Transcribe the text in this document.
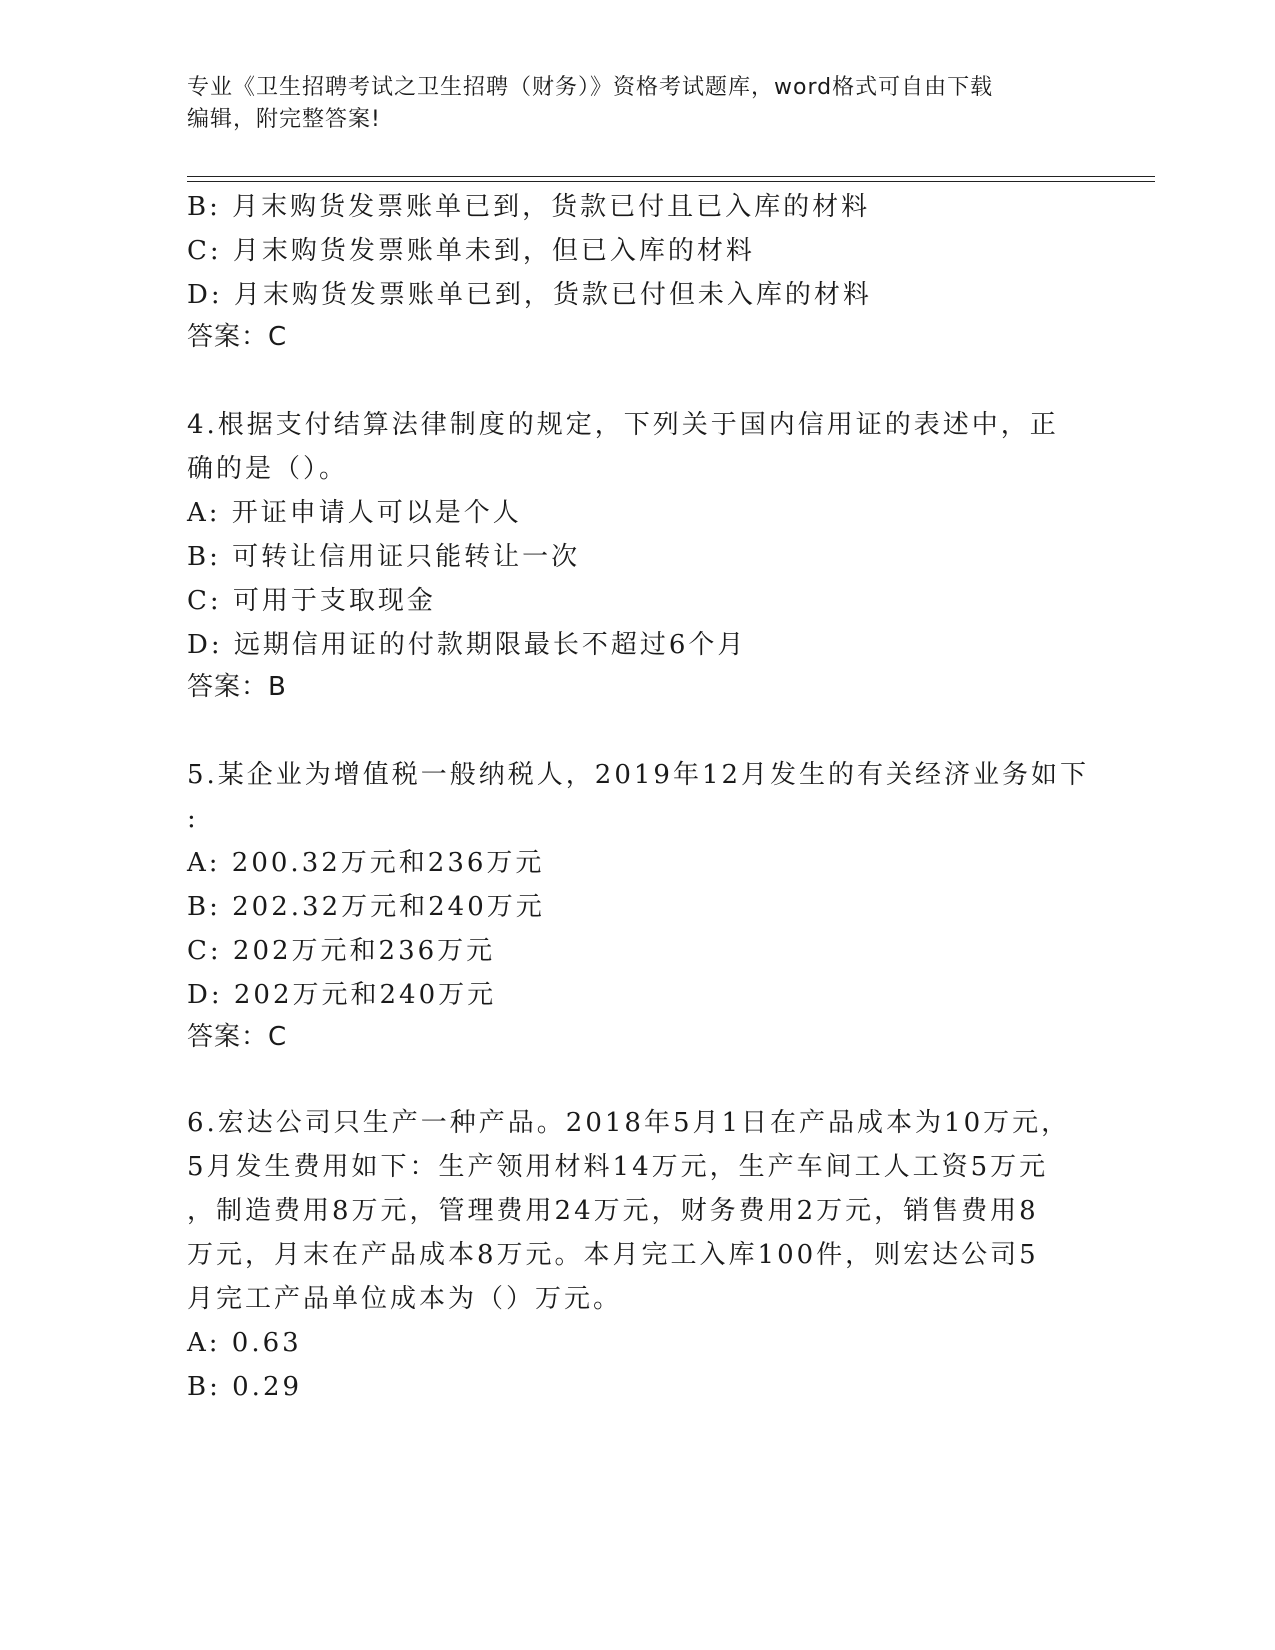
专业《卫生招聘考试之卫生招聘（财务）》资格考试题库，word格式可自由下载
编辑，附完整答案!
B: 月末购货发票账单已到，货款已付且已入库的材料
C: 月末购货发票账单未到，但已入库的材料
D: 月末购货发票账单已到，货款已付但未入库的材料
答案：C
4.根据支付结算法律制度的规定，下列关于国内信用证的表述中，正
确的是（）。
A: 开证申请人可以是个人
B: 可转让信用证只能转让一次
C: 可用于支取现金
D: 远期信用证的付款期限最长不超过6个月
答案：B
5.某企业为增值税一般纳税人，2019年12月发生的有关经济业务如下
:
A: 200.32万元和236万元
B: 202.32万元和240万元
C: 202万元和236万元
D: 202万元和240万元
答案：C
6.宏达公司只生产一种产品。2018年5月1日在产品成本为10万元，
5月发生费用如下：生产领用材料14万元，生产车间工人工资5万元
，制造费用8万元，管理费用24万元，财务费用2万元，销售费用8
万元，月末在产品成本8万元。本月完工入库100件，则宏达公司5
月完工产品单位成本为（）万元。
A: 0.63
B: 0.29
